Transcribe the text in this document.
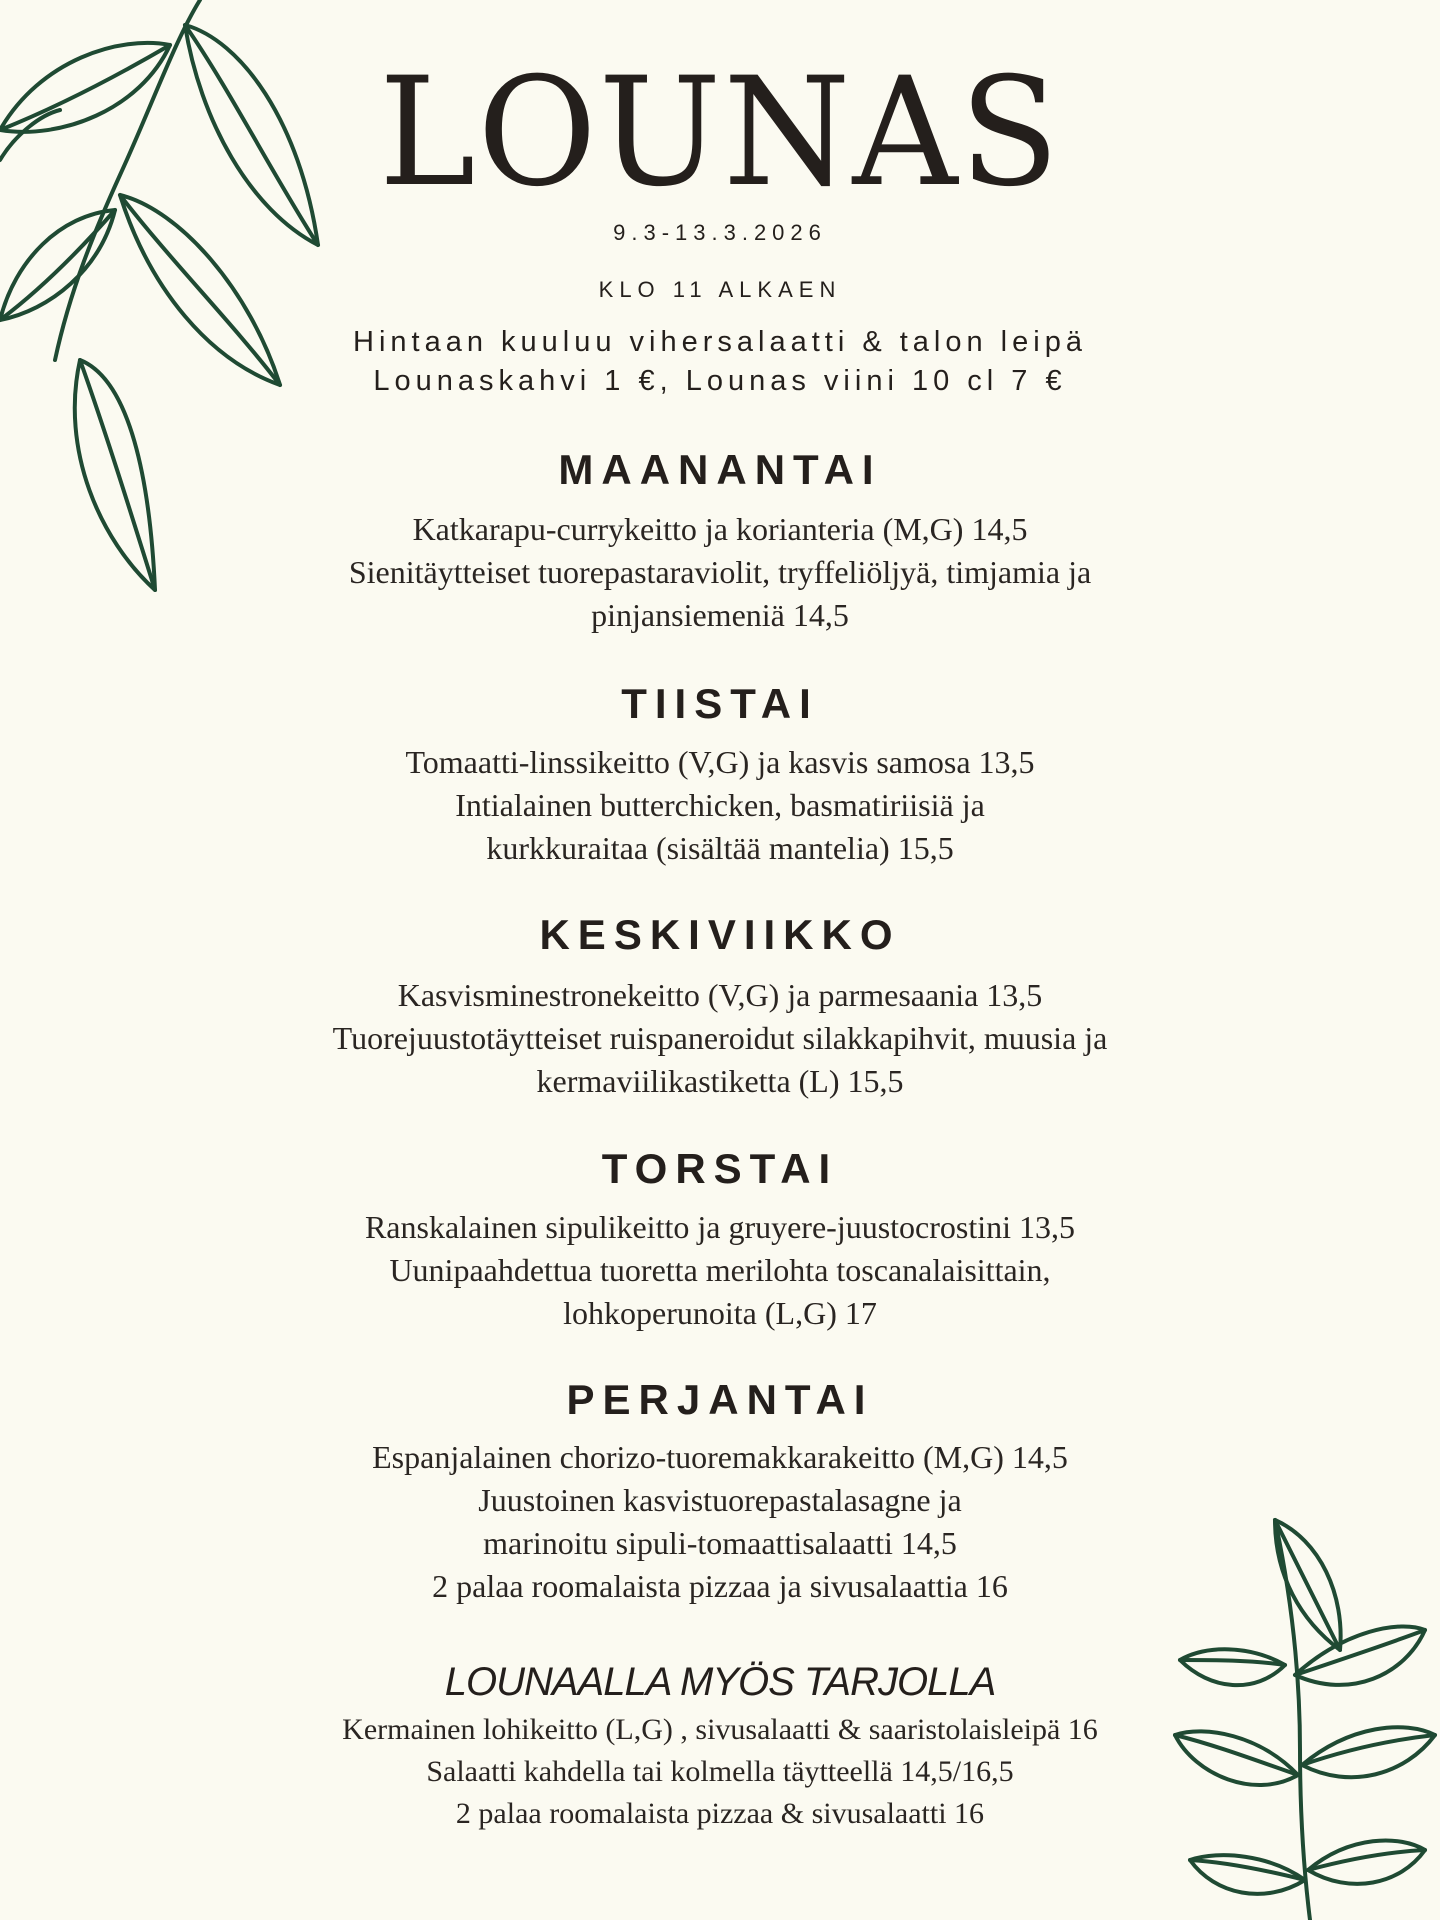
LOUNAS
9.3-13.3.2026
KLO 11 ALKAEN
Hintaan kuuluu vihersalaatti & talon leipä
Lounaskahvi 1 €, Lounas viini 10 cl 7 €
MAANANTAI
Katkarapu-currykeitto ja korianteria (M,G) 14,5
Sienitäytteiset tuorepastaraviolit, tryffeliöljyä, timjamia ja
pinjansiemeniä 14,5
TIISTAI
Tomaatti-linssikeitto (V,G) ja kasvis samosa 13,5
Intialainen butterchicken, basmatiriisiä ja
kurkkuraitaa (sisältää mantelia) 15,5
KESKIVIIKKO
Kasvisminestronekeitto (V,G) ja parmesaania 13,5
Tuorejuustotäytteiset ruispaneroidut silakkapihvit, muusia ja
kermaviilikastiketta (L) 15,5
TORSTAI
Ranskalainen sipulikeitto ja gruyere-juustocrostini 13,5
Uunipaahdettua tuoretta merilohta toscanalaisittain,
lohkoperunoita (L,G) 17
PERJANTAI
Espanjalainen chorizo-tuoremakkarakeitto (M,G) 14,5
Juustoinen kasvistuorepastalasagne ja
marinoitu sipuli-tomaattisalaatti 14,5
2 palaa roomalaista pizzaa ja sivusalaattia 16
LOUNAALLA MYÖS TARJOLLA
Kermainen lohikeitto (L,G) , sivusalaatti & saaristolaisleipä 16
Salaatti kahdella tai kolmella täytteellä 14,5/16,5
2 palaa roomalaista pizzaa & sivusalaatti 16
